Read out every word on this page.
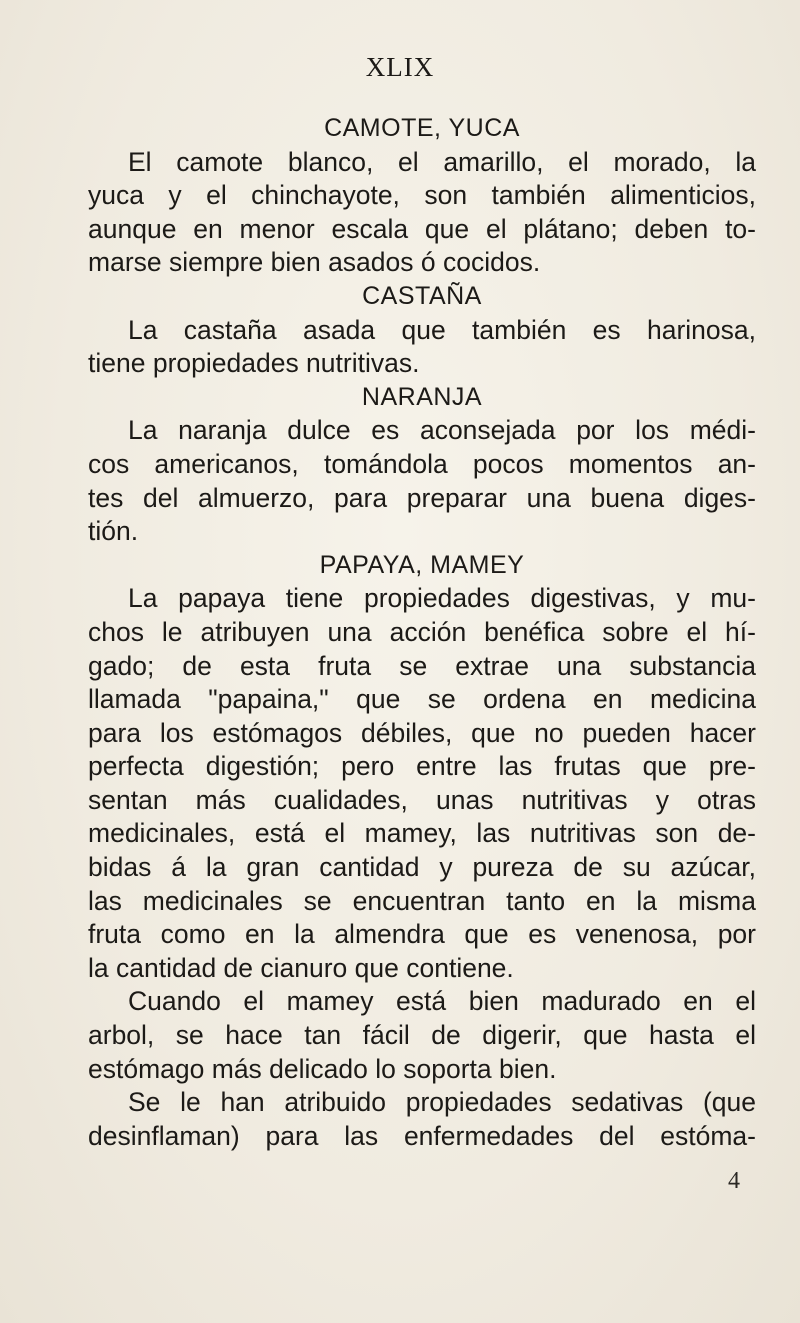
XLIX
CAMOTE, YUCA
El camote blanco, el amarillo, el morado, la
yuca y el chinchayote, son también alimenticios,
aunque en menor escala que el plátano; deben to-
marse siempre bien asados ó cocidos.
CASTAÑA
La castaña asada que también es harinosa,
tiene propiedades nutritivas.
NARANJA
La naranja dulce es aconsejada por los médi-
cos americanos, tomándola pocos momentos an-
tes del almuerzo, para preparar una buena diges-
tión.
PAPAYA, MAMEY
La papaya tiene propiedades digestivas, y mu-
chos le atribuyen una acción benéfica sobre el hí-
gado; de esta fruta se extrae una substancia
llamada "papaina," que se ordena en medicina
para los estómagos débiles, que no pueden hacer
perfecta digestión; pero entre las frutas que pre-
sentan más cualidades, unas nutritivas y otras
medicinales, está el mamey, las nutritivas son de-
bidas á la gran cantidad y pureza de su azúcar,
las medicinales se encuentran tanto en la misma
fruta como en la almendra que es venenosa, por
la cantidad de cianuro que contiene.
Cuando el mamey está bien madurado en el
arbol, se hace tan fácil de digerir, que hasta el
estómago más delicado lo soporta bien.
Se le han atribuido propiedades sedativas (que
desinflaman) para las enfermedades del estóma-
4
